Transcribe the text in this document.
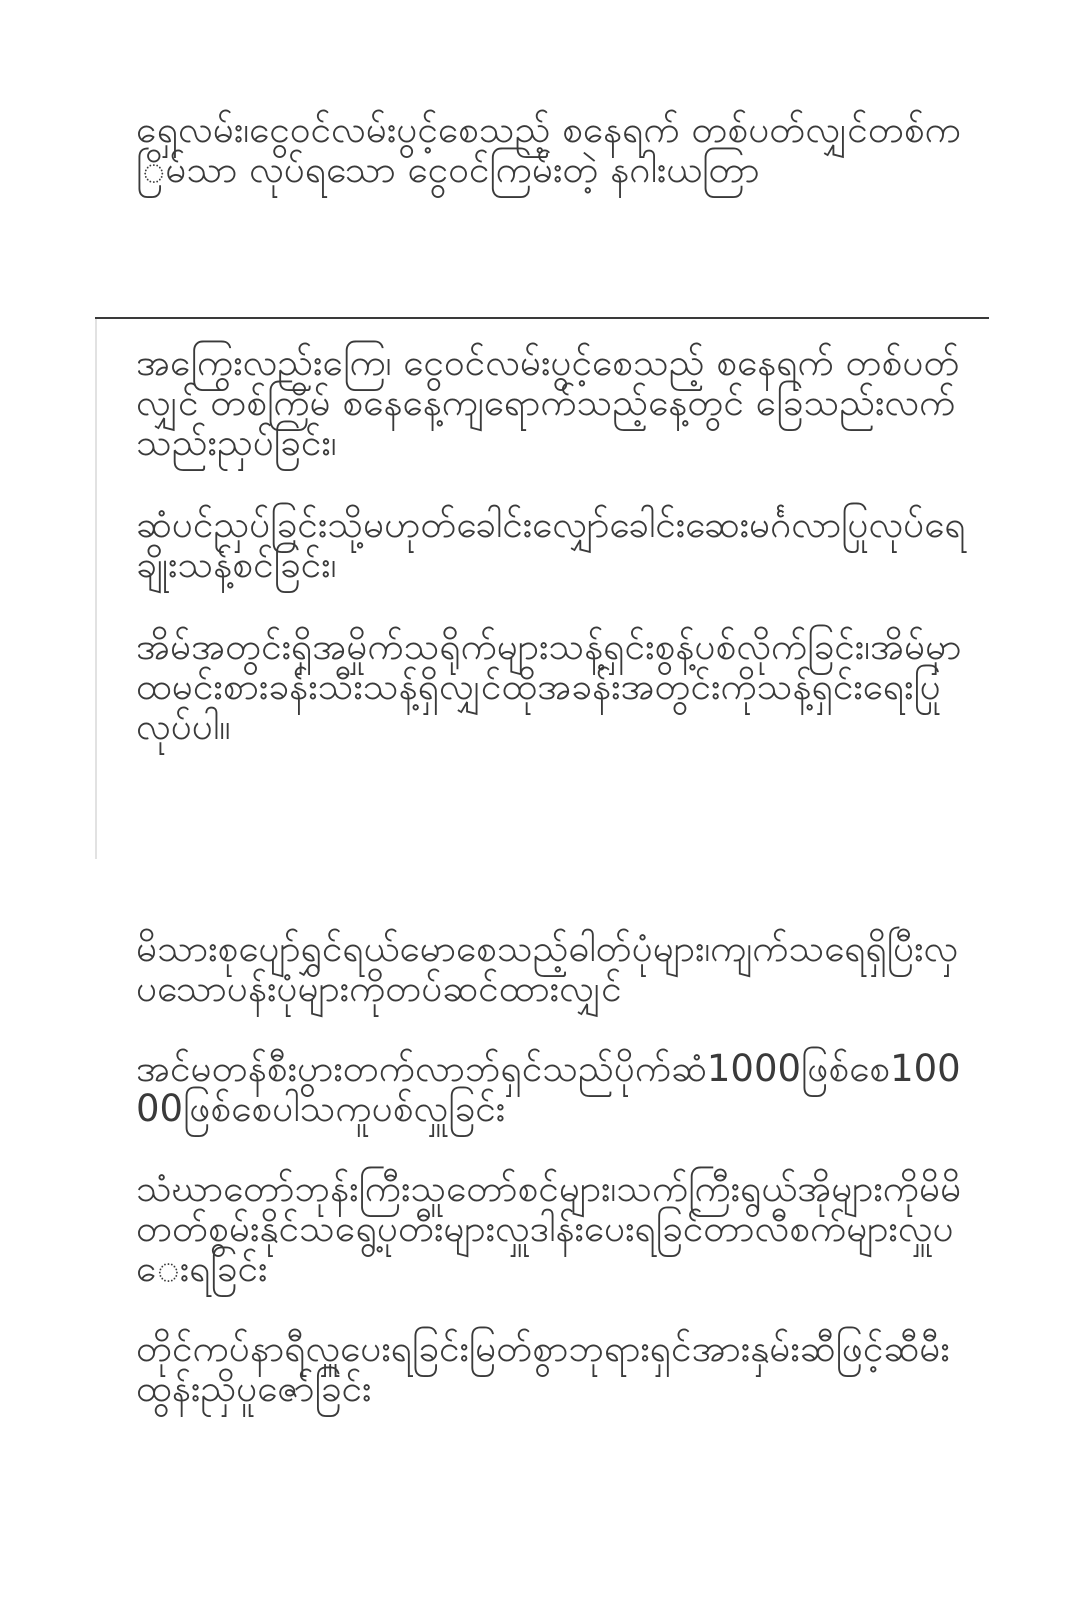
ရှေလမ်း၊ငွေဝင်လမ်းပွင့်စေသည့် စနေရက် တစ်ပတ်လျှင်တစ်ကြိမ်သာ လုပ်ရသော ငွေဝင်ကြမ်းတဲ့ နဂါးယတြာ

အကြွေးလည်းကြေ၊ ငွေဝင်လမ်းပွင့်စေသည့် စနေရက် တစ်ပတ်လျှင် တစ်ကြိမ် စနေနေ့ကျရောက်သည့်နေ့တွင် ခြေသည်းလက်သည်းညှပ်ခြင်း၊

ဆံပင်ညှပ်ခြင်းသို့မဟုတ်ခေါင်းလျှော်ခေါင်းဆေးမင်္ဂလာပြုလုပ်ရေချိုးသန့်စင်ခြင်း၊

အိမ်အတွင်းရှိအမှိုက်သရိုက်များသန့်ရှင်းစွန့်ပစ်လိုက်ခြင်း၊အိမ်မှာထမင်းစားခန်းသီးသန့်ရှိလျှင်ထိုအခန်းအတွင်းကိုသန့်ရှင်းရေးပြုလုပ်ပါ။

မိသားစုပျော်ရွှင်ရယ်မောစေသည့်ဓါတ်ပုံများ၊ကျက်သရေရှိပြီးလှပသောပန်းပုံများကိုတပ်ဆင်ထားလျှင်

အင်မတန်စီးပွားတက်လာဘ်ရှင်သည်ပိုက်ဆံ1000ဖြစ်စေ10000ဖြစ်စေပါသကူပစ်လှူခြင်း

သံဃာတော်ဘုန်းကြီးသူတော်စင်များ၊သက်ကြီးရွယ်အိုများကိုမိမိတတ်စွမ်းနိုင်သရွေ့ပုတီးများလှူဒါန်းပေးရခြင်တာလီစက်များလှူပေးရခြင်း

တိုင်ကပ်နာရီလှူပေးရခြင်းမြတ်စွာဘုရားရှင်အားနှမ်းဆီဖြင့်ဆီမီးထွန်းညှိပူဇော်ခြင်း
